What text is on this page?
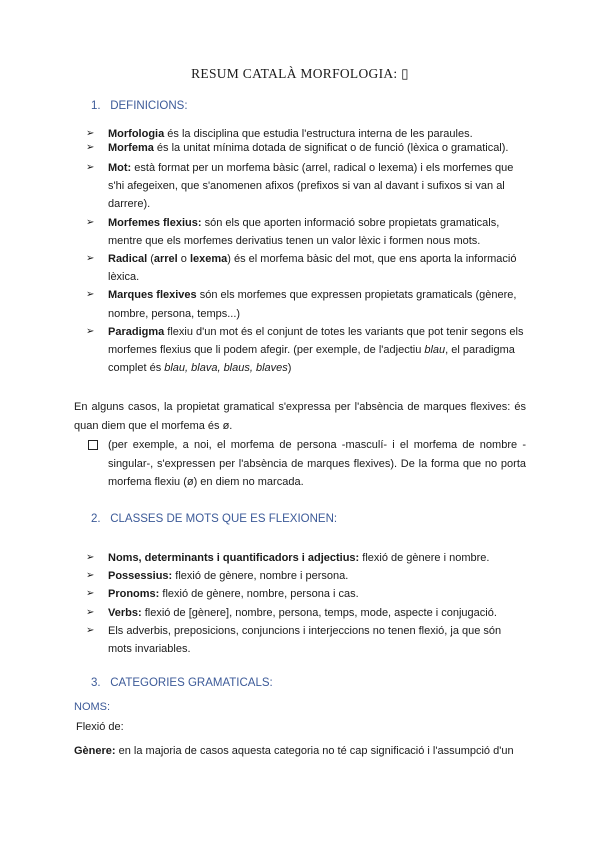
RESUM CATALÀ MORFOLOGIA: ▯
1. DEFINICIONS:
➢ Morfologia és la disciplina que estudia l'estructura interna de les paraules.
➢ Morfema és la unitat mínima dotada de significat o de funció (lèxica o gramatical).
➢ Mot: està format per un morfema bàsic (arrel, radical o lexema) i els morfemes que s'hi afegeixen, que s'anomenen afixos (prefixos si van al davant i sufixos si van al darrere).
➢ Morfemes flexius: són els que aporten informació sobre propietats gramaticals, mentre que els morfemes derivatius tenen un valor lèxic i formen nous mots.
➢ Radical (arrel o lexema) és el morfema bàsic del mot, que ens aporta la informació lèxica.
➢ Marques flexives són els morfemes que expressen propietats gramaticals (gènere, nombre, persona, temps...)
➢ Paradigma flexiu d'un mot és el conjunt de totes les variants que pot tenir segons els morfemes flexius que li podem afegir. (per exemple, de l'adjectiu blau, el paradigma complet és blau, blava, blaus, blaves)
En alguns casos, la propietat gramatical s'expressa per l'absència de marques flexives: és quan diem que el morfema és ø.
(per exemple, a noi, el morfema de persona -masculí- i el morfema de nombre -singular-, s'expressen per l'absència de marques flexives). De la forma que no porta morfema flexiu (ø) en diem no marcada.
2. CLASSES DE MOTS QUE ES FLEXIONEN:
➢ Noms, determinants i quantificadors i adjectius: flexió de gènere i nombre.
➢ Possessius: flexió de gènere, nombre i persona.
➢ Pronoms: flexió de gènere, nombre, persona i cas.
➢ Verbs: flexió de [gènere], nombre, persona, temps, mode, aspecte i conjugació.
➢ Els adverbis, preposicions, conjuncions i interjeccions no tenen flexió, ja que són mots invariables.
3. CATEGORIES GRAMATICALS:
NOMS:
Flexió de:
Gènere: en la majoria de casos aquesta categoria no té cap significació i l'assumpció d'un
